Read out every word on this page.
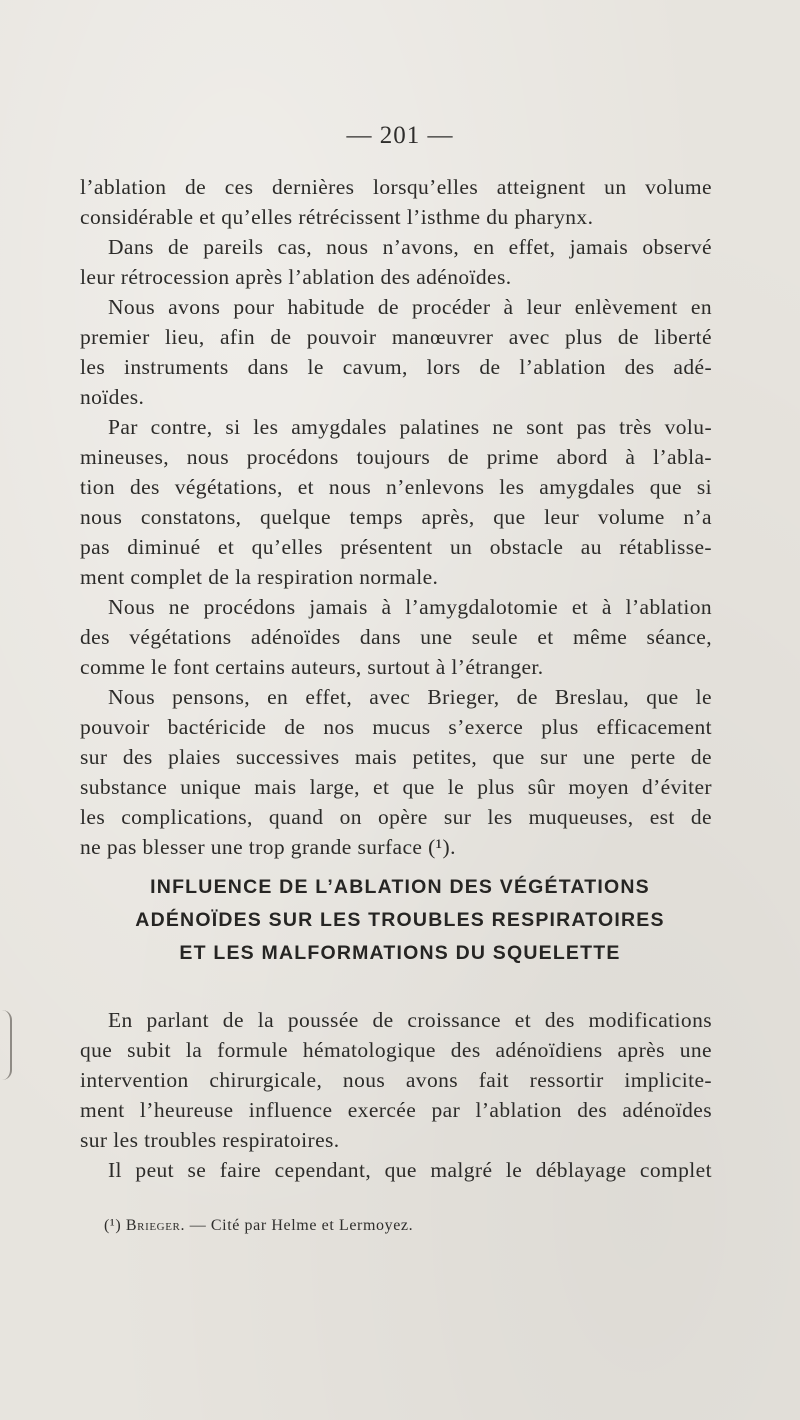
— 201 —
l’ablation de ces dernières lorsqu’elles atteignent un volume
considérable et qu’elles rétrécissent l’isthme du pharynx.
Dans de pareils cas, nous n’avons, en effet, jamais observé
leur rétrocession après l’ablation des adénoïdes.
Nous avons pour habitude de procéder à leur enlèvement en
premier lieu, afin de pouvoir manœuvrer avec plus de liberté
les instruments dans le cavum, lors de l’ablation des adé-
noïdes.
Par contre, si les amygdales palatines ne sont pas très volu-
mineuses, nous procédons toujours de prime abord à l’abla-
tion des végétations, et nous n’enlevons les amygdales que si
nous constatons, quelque temps après, que leur volume n’a
pas diminué et qu’elles présentent un obstacle au rétablisse-
ment complet de la respiration normale.
Nous ne procédons jamais à l’amygdalotomie et à l’ablation
des végétations adénoïdes dans une seule et même séance,
comme le font certains auteurs, surtout à l’étranger.
Nous pensons, en effet, avec Brieger, de Breslau, que le
pouvoir bactéricide de nos mucus s’exerce plus efficacement
sur des plaies successives mais petites, que sur une perte de
substance unique mais large, et que le plus sûr moyen d’éviter
les complications, quand on opère sur les muqueuses, est de
ne pas blesser une trop grande surface (¹).
INFLUENCE DE L’ABLATION DES VÉGÉTATIONS
ADÉNOÏDES SUR LES TROUBLES RESPIRATOIRES
ET LES MALFORMATIONS DU SQUELETTE
En parlant de la poussée de croissance et des modifications
que subit la formule hématologique des adénoïdiens après une
intervention chirurgicale, nous avons fait ressortir implicite-
ment l’heureuse influence exercée par l’ablation des adénoïdes
sur les troubles respiratoires.
Il peut se faire cependant, que malgré le déblayage complet
(¹) Brieger. — Cité par Helme et Lermoyez.
